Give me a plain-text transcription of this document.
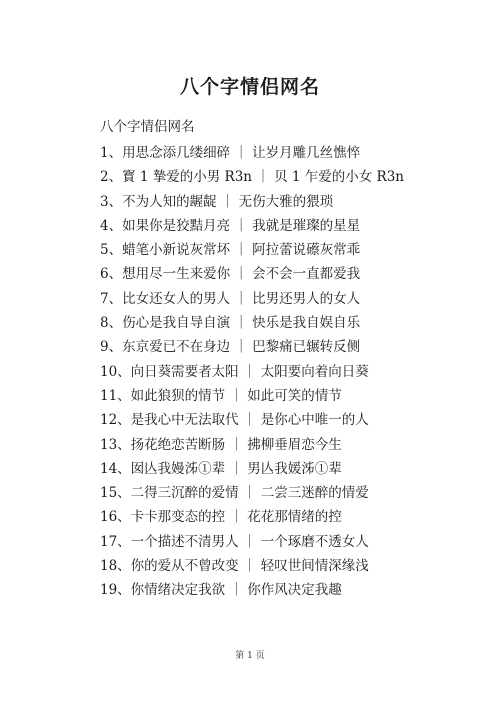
八个字情侣网名
八个字情侣网名
1、用思念添几缕细碎 ｜ 让岁月雕几丝憔悴
2、寳 1 摯爱的小男 R3n ｜ 贝 1 乍爱的小女 R3n
3、不为人知的龌龊 ｜ 无伤大雅的猥琐
4、如果你是狡黠月亮 ｜ 我就是璀璨的星星
5、蜡笔小新说灰常坏 ｜ 阿拉蕾说礤灰常乖
6、想用尽一生来爱你 ｜ 会不会一直都爱我
7、比女还女人的男人 ｜ 比男还男人的女人
8、伤心是我自导自演 ｜ 快乐是我自娱自乐
9、东京爱已不在身边 ｜ 巴黎痛已辗转反侧
10、向日葵需要者太阳 ｜ 太阳要向着向日葵
11、如此狼狈的情节 ｜ 如此可笑的情节
12、是我心中无法取代 ｜ 是你心中唯一的人
13、扬花绝恋苦断肠 ｜ 拂柳垂眉恋今生
14、囡亾我嫚泲①辈 ｜ 男亾我媛泲①辈
15、二得三沉醉的爱情 ｜ 二尝三迷醉的情爱
16、卡卡那变态的控 ｜ 花花那情绪的控
17、一个描述不清男人 ｜ 一个琢磨不透女人
18、你的爱从不曾改变 ｜ 轻叹世间情深缘浅
19、你情绪决定我欲 ｜ 你作风决定我趣
第 1 页
